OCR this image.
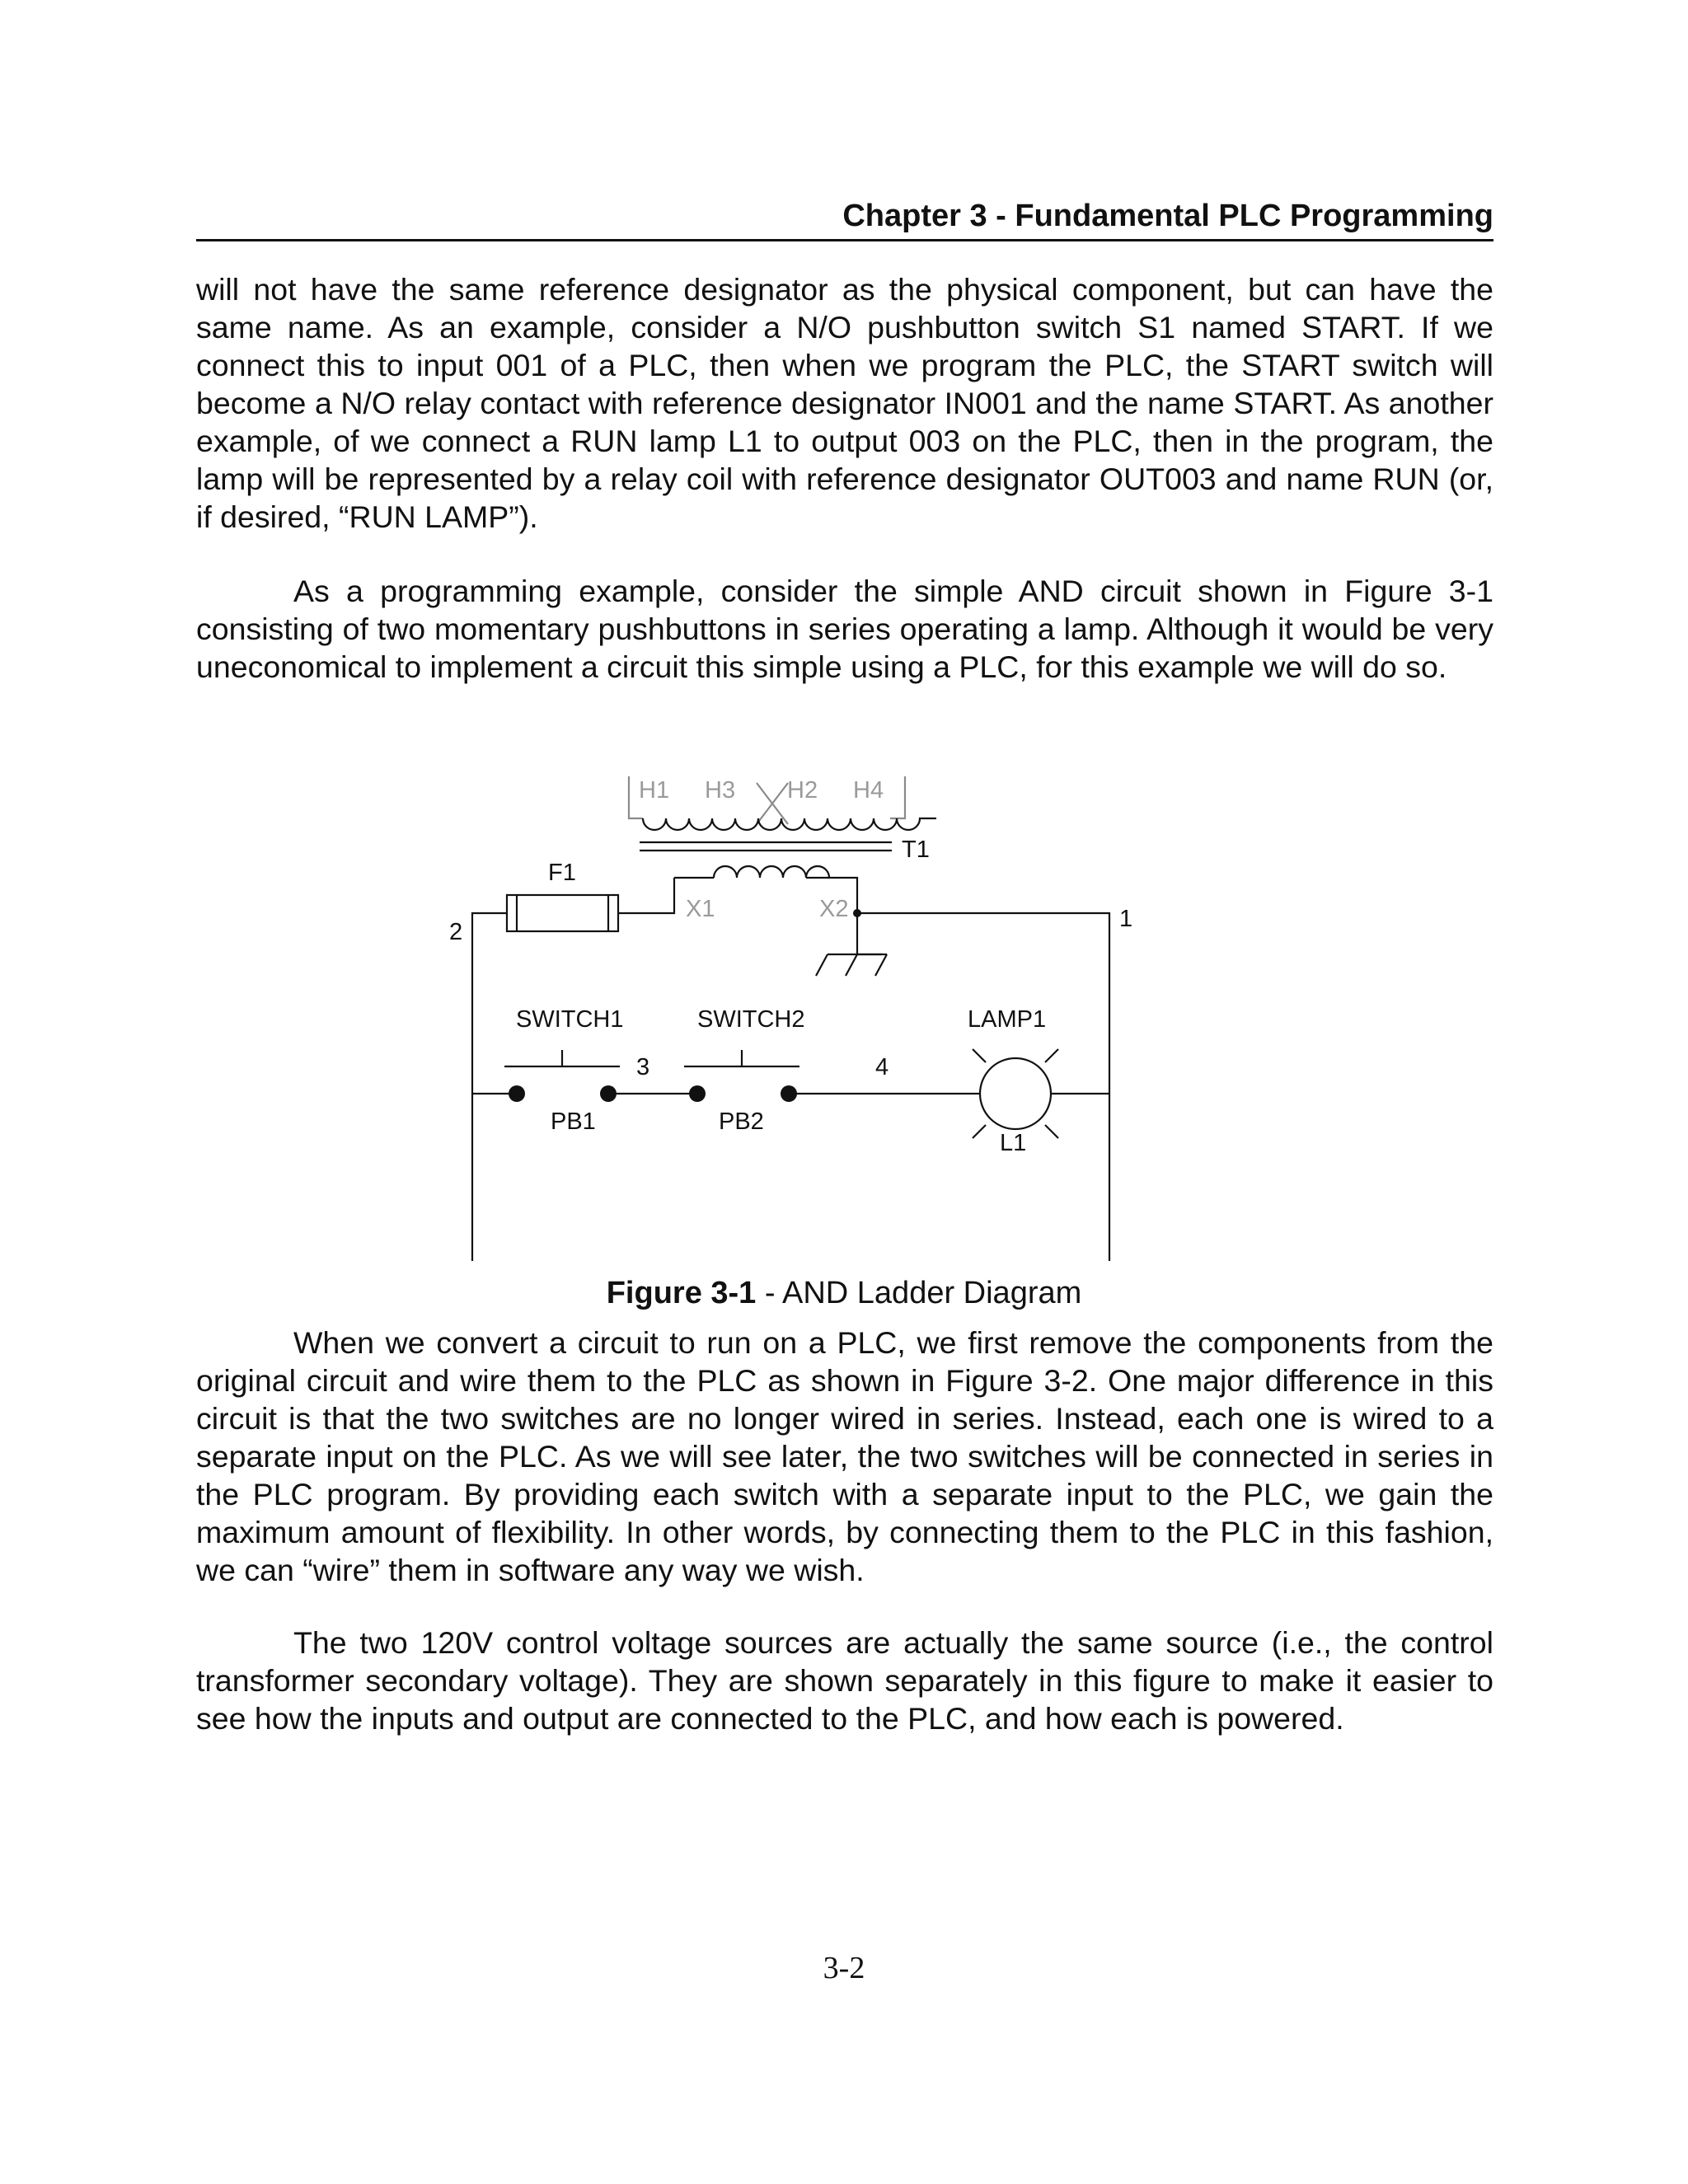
Chapter 3 - Fundamental PLC Programming

will not have the same reference designator as the physical component, but can have the same name. As an example, consider a N/O pushbutton switch S1 named START. If we connect this to input 001 of a PLC, then when we program the PLC, the START switch will become a N/O relay contact with reference designator IN001 and the name START. As another example, of we connect a RUN lamp L1 to output 003 on the PLC, then in the program, the lamp will be represented by a relay coil with reference designator OUT003 and name RUN (or, if desired, “RUN LAMP”).

As a programming example, consider the simple AND circuit shown in Figure 3-1 consisting of two momentary pushbuttons in series operating a lamp. Although it would be very uneconomical to implement a circuit this simple using a PLC, for this example we will do so.

H1 H3 H2 H4
T1
F1
X1	X2
2	1
SWITCH1	SWITCH2	LAMP1
3	4
PB1	PB2
L1
Figure 3-1 - AND Ladder Diagram

When we convert a circuit to run on a PLC, we first remove the components from the original circuit and wire them to the PLC as shown in Figure 3-2. One major difference in this circuit is that the two switches are no longer wired in series. Instead, each one is wired to a separate input on the PLC. As we will see later, the two switches will be connected in series in the PLC program. By providing each switch with a separate input to the PLC, we gain the maximum amount of flexibility. In other words, by connecting them to the PLC in this fashion, we can “wire” them in software any way we wish.

The two 120V control voltage sources are actually the same source (i.e., the control transformer secondary voltage). They are shown separately in this figure to make it easier to see how the inputs and output are connected to the PLC, and how each is powered.

3-2
